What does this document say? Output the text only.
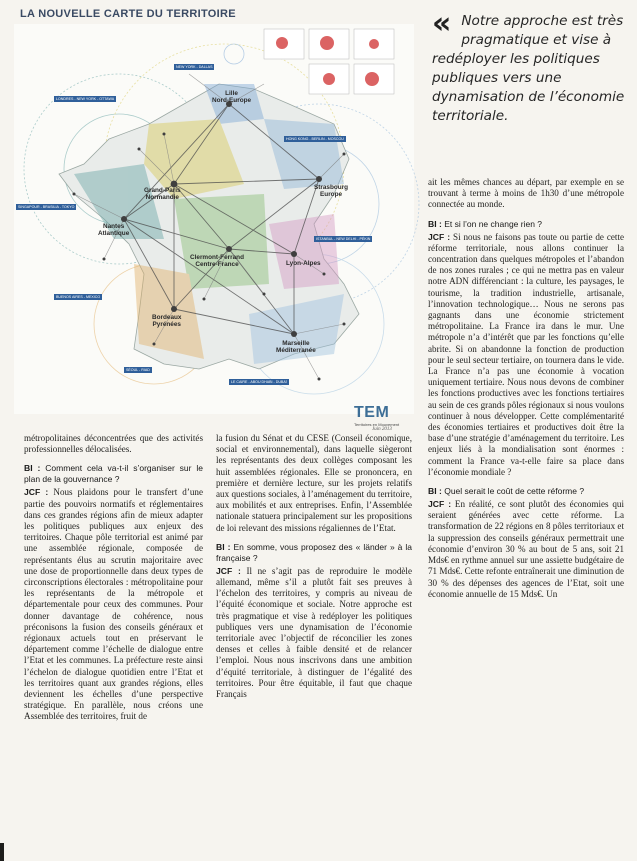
LA NOUVELLE CARTE DU TERRITOIRE
Lille
Nord-Europe
Grand-Paris
Normandie
Strasbourg
Europe
Nantes
Atlantique
Clermont-Ferrand
Centre-France	Lyon-Alpes
Bordeaux
Pyrénées
Marseille
Méditerranée
NEW YORK - DALLAS
LONDRES - NEW YORK - OTTAWA
HONG KONG - BERLIN - MOSCOU
SINGAPOUR - BRASILIA - TOKYO
ISTANBUL - NEW DELHI - PÉKIN
BUENOS AIRES - MEXICO
SÉOUL - RIAD
LE CAIRE - ABOU DHABI - DUBAÏ
TEM
Territoires en Mouvement
Juin 2013
« Notre approche est très pragmatique et vise à redéployer les politiques publiques vers une dynamisation de l’économie territoriale.

métropolitaines déconcentrées que des activités professionnelles délocalisées.

BI : Comment cela va-t-il s’organiser sur le plan de la gouvernance ?

JCF : Nous plaidons pour le transfert d’une partie des pouvoirs normatifs et réglementaires dans ces grandes régions afin de mieux adapter les politiques publiques aux enjeux des territoires. Chaque pôle territorial est animé par une assemblée régionale, composée de représentants élus au scrutin majoritaire avec une dose de proportionnelle dans deux types de circonscriptions électorales : métropolitaine pour les représentants de la métropole et départementale pour ceux des communes. Pour donner davantage de cohérence, nous préconisons la fusion des conseils généraux et régionaux actuels tout en préservant le département comme l’échelle de dialogue entre l’Etat et les communes. La préfecture reste ainsi l’échelon de dialogue quotidien entre l’Etat et les territoires quant aux grandes régions, elles deviennent les échelles d’une perspective stratégique. En parallèle, nous créons une Assemblée des territoires, fruit de

la fusion du Sénat et du CESE (Conseil économique, social et environnemental), dans laquelle siègeront les représentants des deux collèges composant les huit assemblées régionales. Elle se prononcera, en première et dernière lecture, sur les projets relatifs aux questions sociales, à l’aménagement du territoire, aux mobilités et aux entreprises. Enfin, l’Assemblée nationale statuera principalement sur les propositions de loi relevant des missions régaliennes de l’Etat.

BI : En somme, vous proposez des « länder » à la française ?

JCF : Il ne s’agit pas de reproduire le modèle allemand, même s’il a plutôt fait ses preuves à l’échelon des territoires, y compris au niveau de l’équité économique et sociale. Notre approche est très pragmatique et vise à redéployer les politiques publiques vers une dynamisation de l’économie territoriale avec l’objectif de réconcilier les zones denses et celles à faible densité et de relancer l’emploi. Nous nous inscrivons dans une ambition d’équité territoriale, à distinguer de l’égalité des territoires. Pour être équitable, il faut que chaque Français

ait les mêmes chances au départ, par exemple en se trouvant à terme à moins de 1h30 d’une métropole connectée au monde.

BI : Et si l’on ne change rien ?

JCF : Si nous ne faisons pas toute ou partie de cette réforme territoriale, nous allons continuer la concentration dans quelques métropoles et l’abandon de nos zones rurales ; ce qui ne mettra pas en valeur notre ADN différenciant : la culture, les paysages, le tourisme, la tradition industrielle, artisanale, l’innovation technologique… Nous ne serons pas gagnants dans une économie strictement métropolitaine. La France ira dans le mur. Une métropole n’a d’intérêt que par les fonctions qu’elle abrite. Si on abandonne la fonction de production pour le seul secteur tertiaire, on tournera dans le vide. La France n’a pas une économie à vocation uniquement tertiaire. Nous nous devons de combiner les fonctions productives avec les fonctions tertiaires au sein de ces grands pôles régionaux si nous voulons continuer à nous développer. Cette complémentarité des économies tertiaires et productives doit être la base d’une stratégie d’aménagement du territoire. Les enjeux liés à la mondialisation sont énormes : comment la France va-t-elle faire sa place dans l’économie mondiale ?

BI : Quel serait le coût de cette réforme ?

JCF : En réalité, ce sont plutôt des économies qui seraient générées avec cette réforme. La transformation de 22 régions en 8 pôles territoriaux et la suppression des conseils généraux permettrait une économie d’environ 30 % au bout de 5 ans, soit 21 Mds€ en rythme annuel sur une assiette budgétaire de 71 Mds€. Cette refonte entraînerait une diminution de 30 % des dépenses des agences de l’Etat, soit une économie annuelle de 15 Mds€. Un
